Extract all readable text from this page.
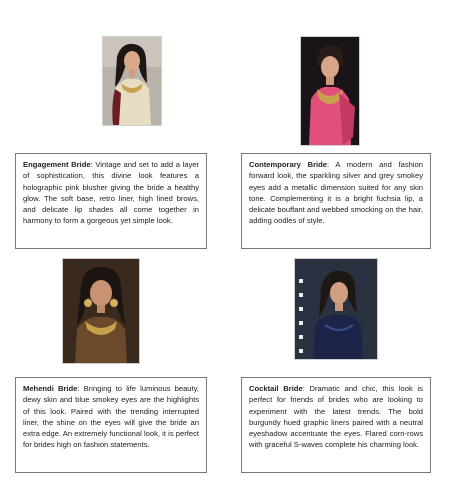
Engagement Bride: Vintage and set to add a layer of sophistication, this divine look features a holographic pink blusher giving the bride a healthy glow. The soft base, retro liner, high lined brows, and delicate lip shades all come together in harmony to form a gorgeous yet simple look.
Contemporary Bride: A modern and fashion forward look, the sparkling silver and grey smokey eyes add a metallic dimension suited for any skin tone. Complementing it is a bright fuchsia lip, a delicate bouffant and webbed smocking on the hair, adding oodles of style.
Mehendi Bride: Bringing to life luminous beauty, dewy skin and blue smokey eyes are the highlights of this look. Paired with the trending interrupted liner, the shine on the eyes will give the bride an extra edge. An extremely functional look, it is perfect for brides high on fashion statements.
Cocktail Bride: Dramatic and chic, this look is perfect for friends of brides who are looking to experiment with the latest trends. The bold burgundy hued graphic liners paired with a neutral eyeshadow accentuate the eyes. Flared corn-rows with graceful S-waves complete his charming look.
